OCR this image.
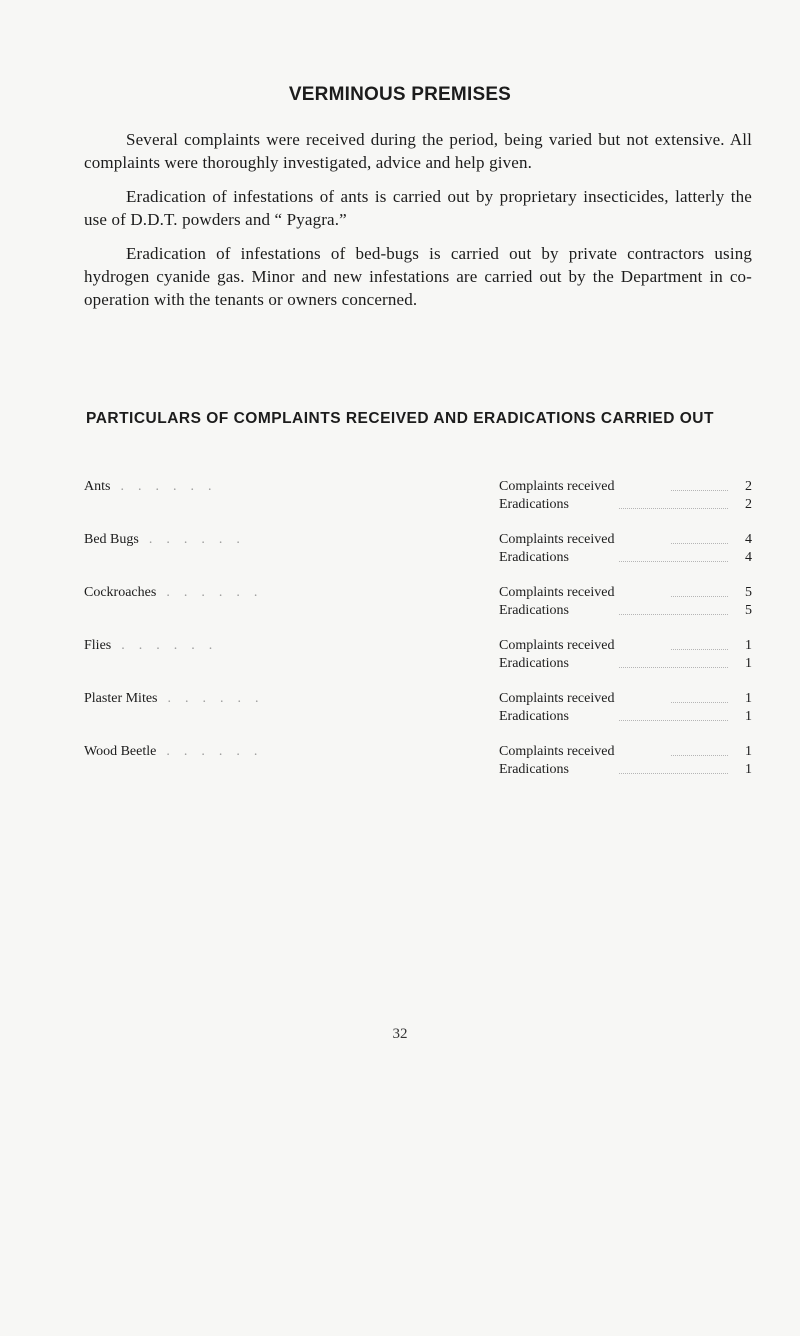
VERMINOUS PREMISES

Several complaints were received during the period, being varied but not extensive. All complaints were thoroughly investigated, advice and help given.

Eradication of infestations of ants is carried out by proprietary insecticides, latterly the use of D.D.T. powders and “ Pyagra.”

Eradication of infestations of bed-bugs is carried out by private contractors using hydrogen cyanide gas. Minor and new infestations are carried out by the Department in co-operation with the tenants or owners concerned.

PARTICULARS OF COMPLAINTS RECEIVED AND ERADICATIONS CARRIED OUT
Ants ......	Complaints received	2
Eradications	2
Bed Bugs ......	Complaints received	4
Eradications	4
Cockroaches ......	Complaints received	5
Eradications	5
Flies ......	Complaints received	1
Eradications	1
Plaster Mites ......	Complaints received	1
Eradications	1
Wood Beetle ......	Complaints received	1
Eradications	1
32
